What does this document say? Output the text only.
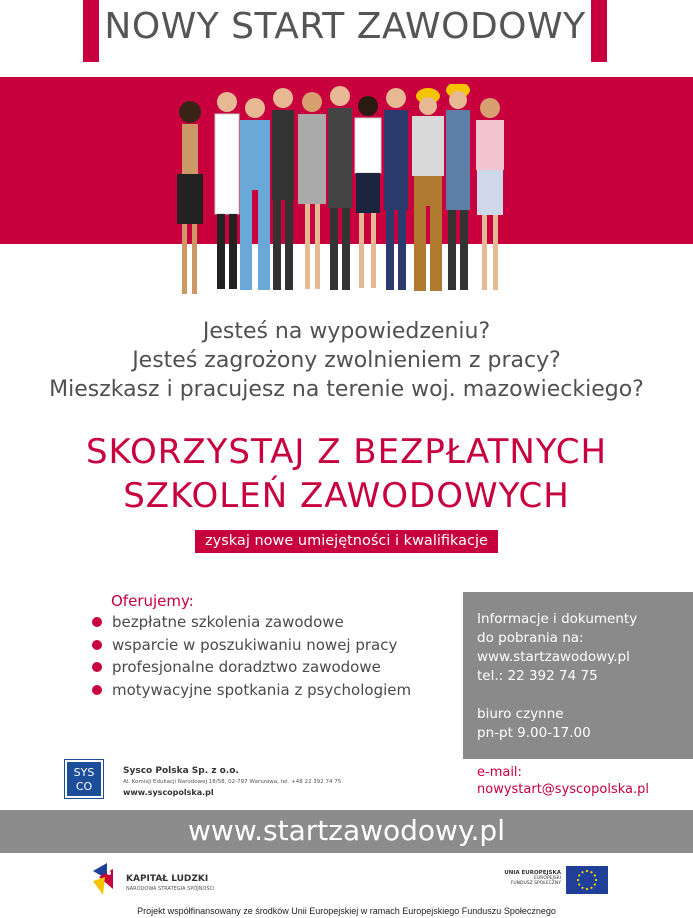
NOWY START ZAWODOWY
Jesteś na wypowiedzeniu?
Jesteś zagrożony zwolnieniem z pracy?
Mieszkasz i pracujesz na terenie woj. mazowieckiego?
SKORZYSTAJ Z BEZPŁATNYCH
SZKOLEŃ ZAWODOWYCH
zyskaj nowe umiejętności i kwalifikacje
Oferujemy:
bezpłatne szkolenia zawodowe
wsparcie w poszukiwaniu nowej pracy
profesjonalne doradztwo zawodowe
motywacyjne spotkania z psychologiem
Informacje i dokumenty
do pobrania na:
www.startzawodowy.pl
tel.: 22 392 74 75
biuro czynne
pn-pt 9.00-17.00
SYS
CO
Sysco Polska Sp. z o.o.
Al. Komisji Edukacji Narodowej 18/58, 02-797 Warszawa, tel. +48 22 392 74 75
www.syscopolska.pl
e-mail:
nowystart@syscopolska.pl
www.startzawodowy.pl
KAPITAŁ LUDZKI
NARODOWA STRATEGIA SPÓJNOŚCI
UNIA EUROPEJSKA
EUROPEJSKI
FUNDUSZ SPOŁECZNY
Projekt współfinansowany ze środków Unii Europejskiej w ramach Europejskiego Funduszu Społecznego
